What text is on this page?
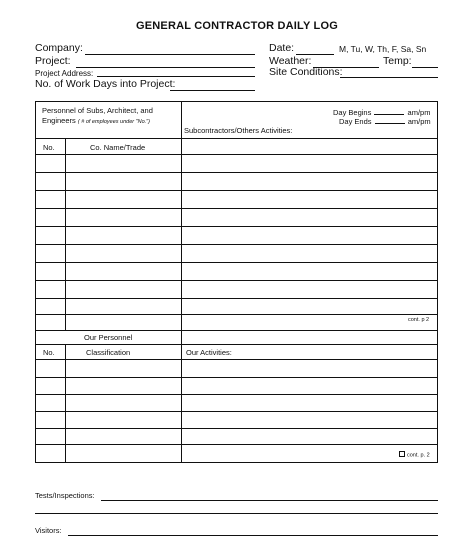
GENERAL CONTRACTOR DAILY LOG
Company:
Project:
Project Address:
No. of Work Days into Project:
Date:	M, Tu, W, Th, F, Sa, Sn
Weather:	Temp:
Site Conditions:
Personnel of Subs, Architect, and
Engineers ( # of employees under "No.")
Day Begins	am/pm
Day Ends	am/pm
Subcontractors/Others Activities:
No.	Co. Name/Trade
cont. p 2
Our Personnel
No.	Classification	Our Activities:
cont. p. 2
Tests/Inspections:
Visitors:
